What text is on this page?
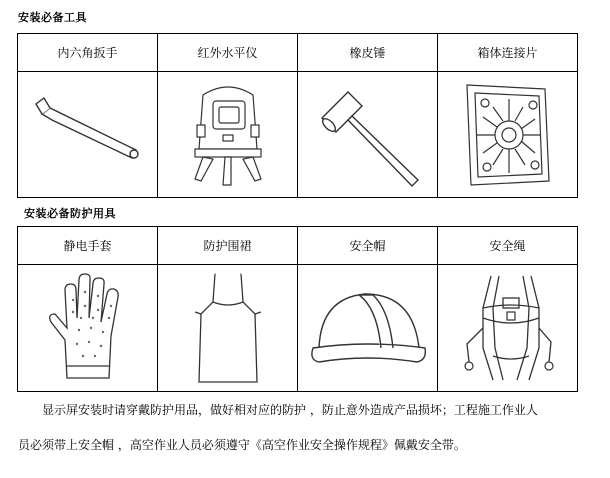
安装必备工具
内六角扳手	红外水平仪	橡皮锤	箱体连接片

安装必备防护用具
静电手套	防护围裙	安全帽	安全绳

显示屏安装时请穿戴防护用品，做好相对应的防护 ，防止意外造成产品损坏；工程施工作业人
员必须带上安全帽 ，高空作业人员必须遵守《高空作业安全操作规程》佩戴安全带。
